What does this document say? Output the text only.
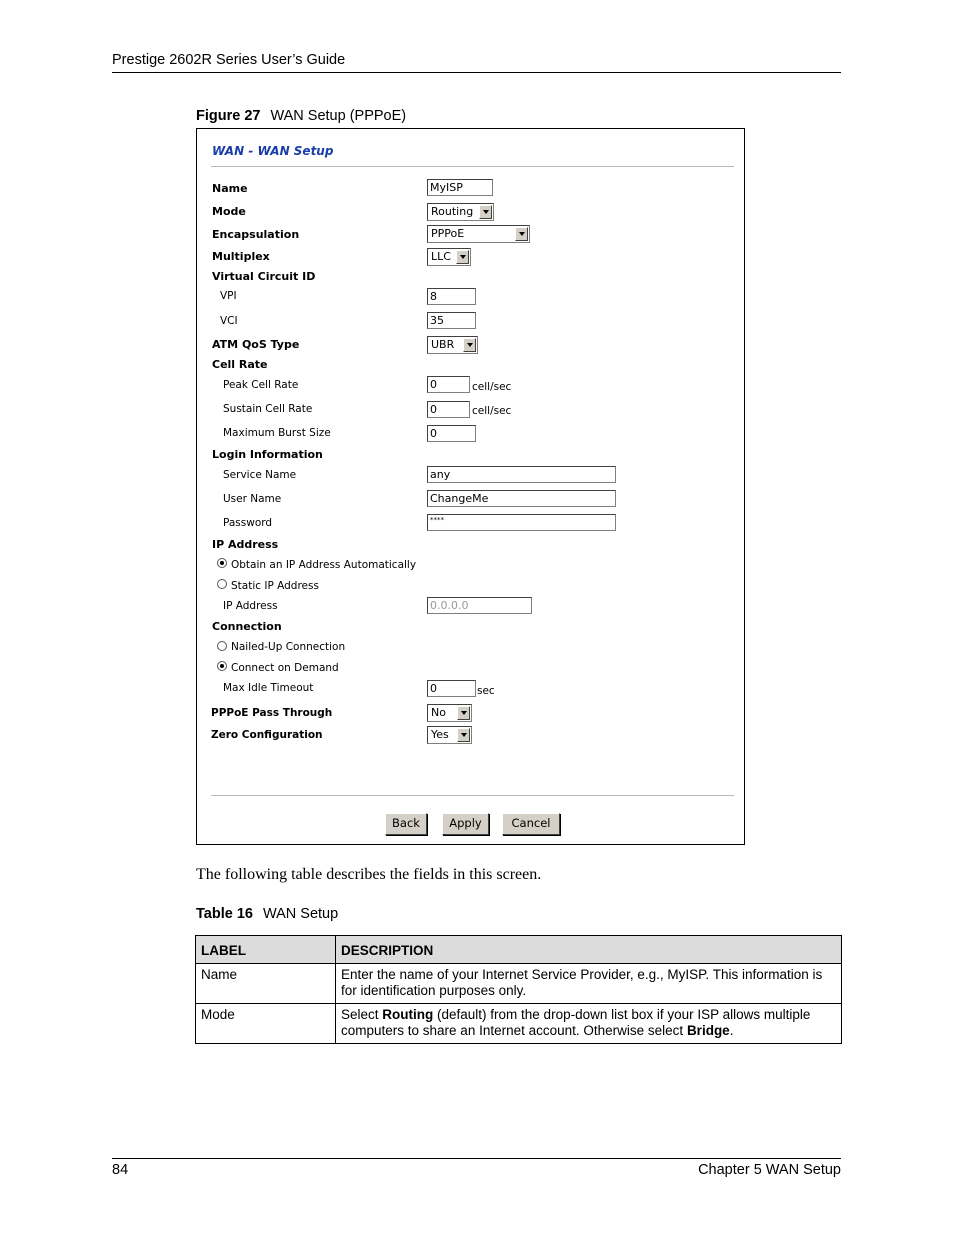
Prestige 2602R Series User’s Guide
Figure 27 WAN Setup (PPPoE)
WAN - WAN Setup
Name	MyISP
Mode	Routing
Encapsulation	PPPoE
Multiplex	LLC
Virtual Circuit ID
VPI	8
VCI	35
ATM QoS Type	UBR
Cell Rate
Peak Cell Rate	0	cell/sec
Sustain Cell Rate	0	cell/sec
Maximum Burst Size	0
Login Information
Service Name	any
User Name	ChangeMe
Password	****
IP Address
Obtain an IP Address Automatically
Static IP Address
IP Address	0.0.0.0
Connection
Nailed-Up Connection
Connect on Demand
Max Idle Timeout	0	sec
PPPoE Pass Through	No
Zero Configuration	Yes
Back	Apply	Cancel
The following table describes the fields in this screen.
Table 16 WAN Setup
LABEL	DESCRIPTION
Name	Enter the name of your Internet Service Provider, e.g., MyISP. This information is for identification purposes only.
Mode	Select Routing (default) from the drop-down list box if your ISP allows multiple computers to share an Internet account. Otherwise select Bridge.
84	Chapter 5 WAN Setup
